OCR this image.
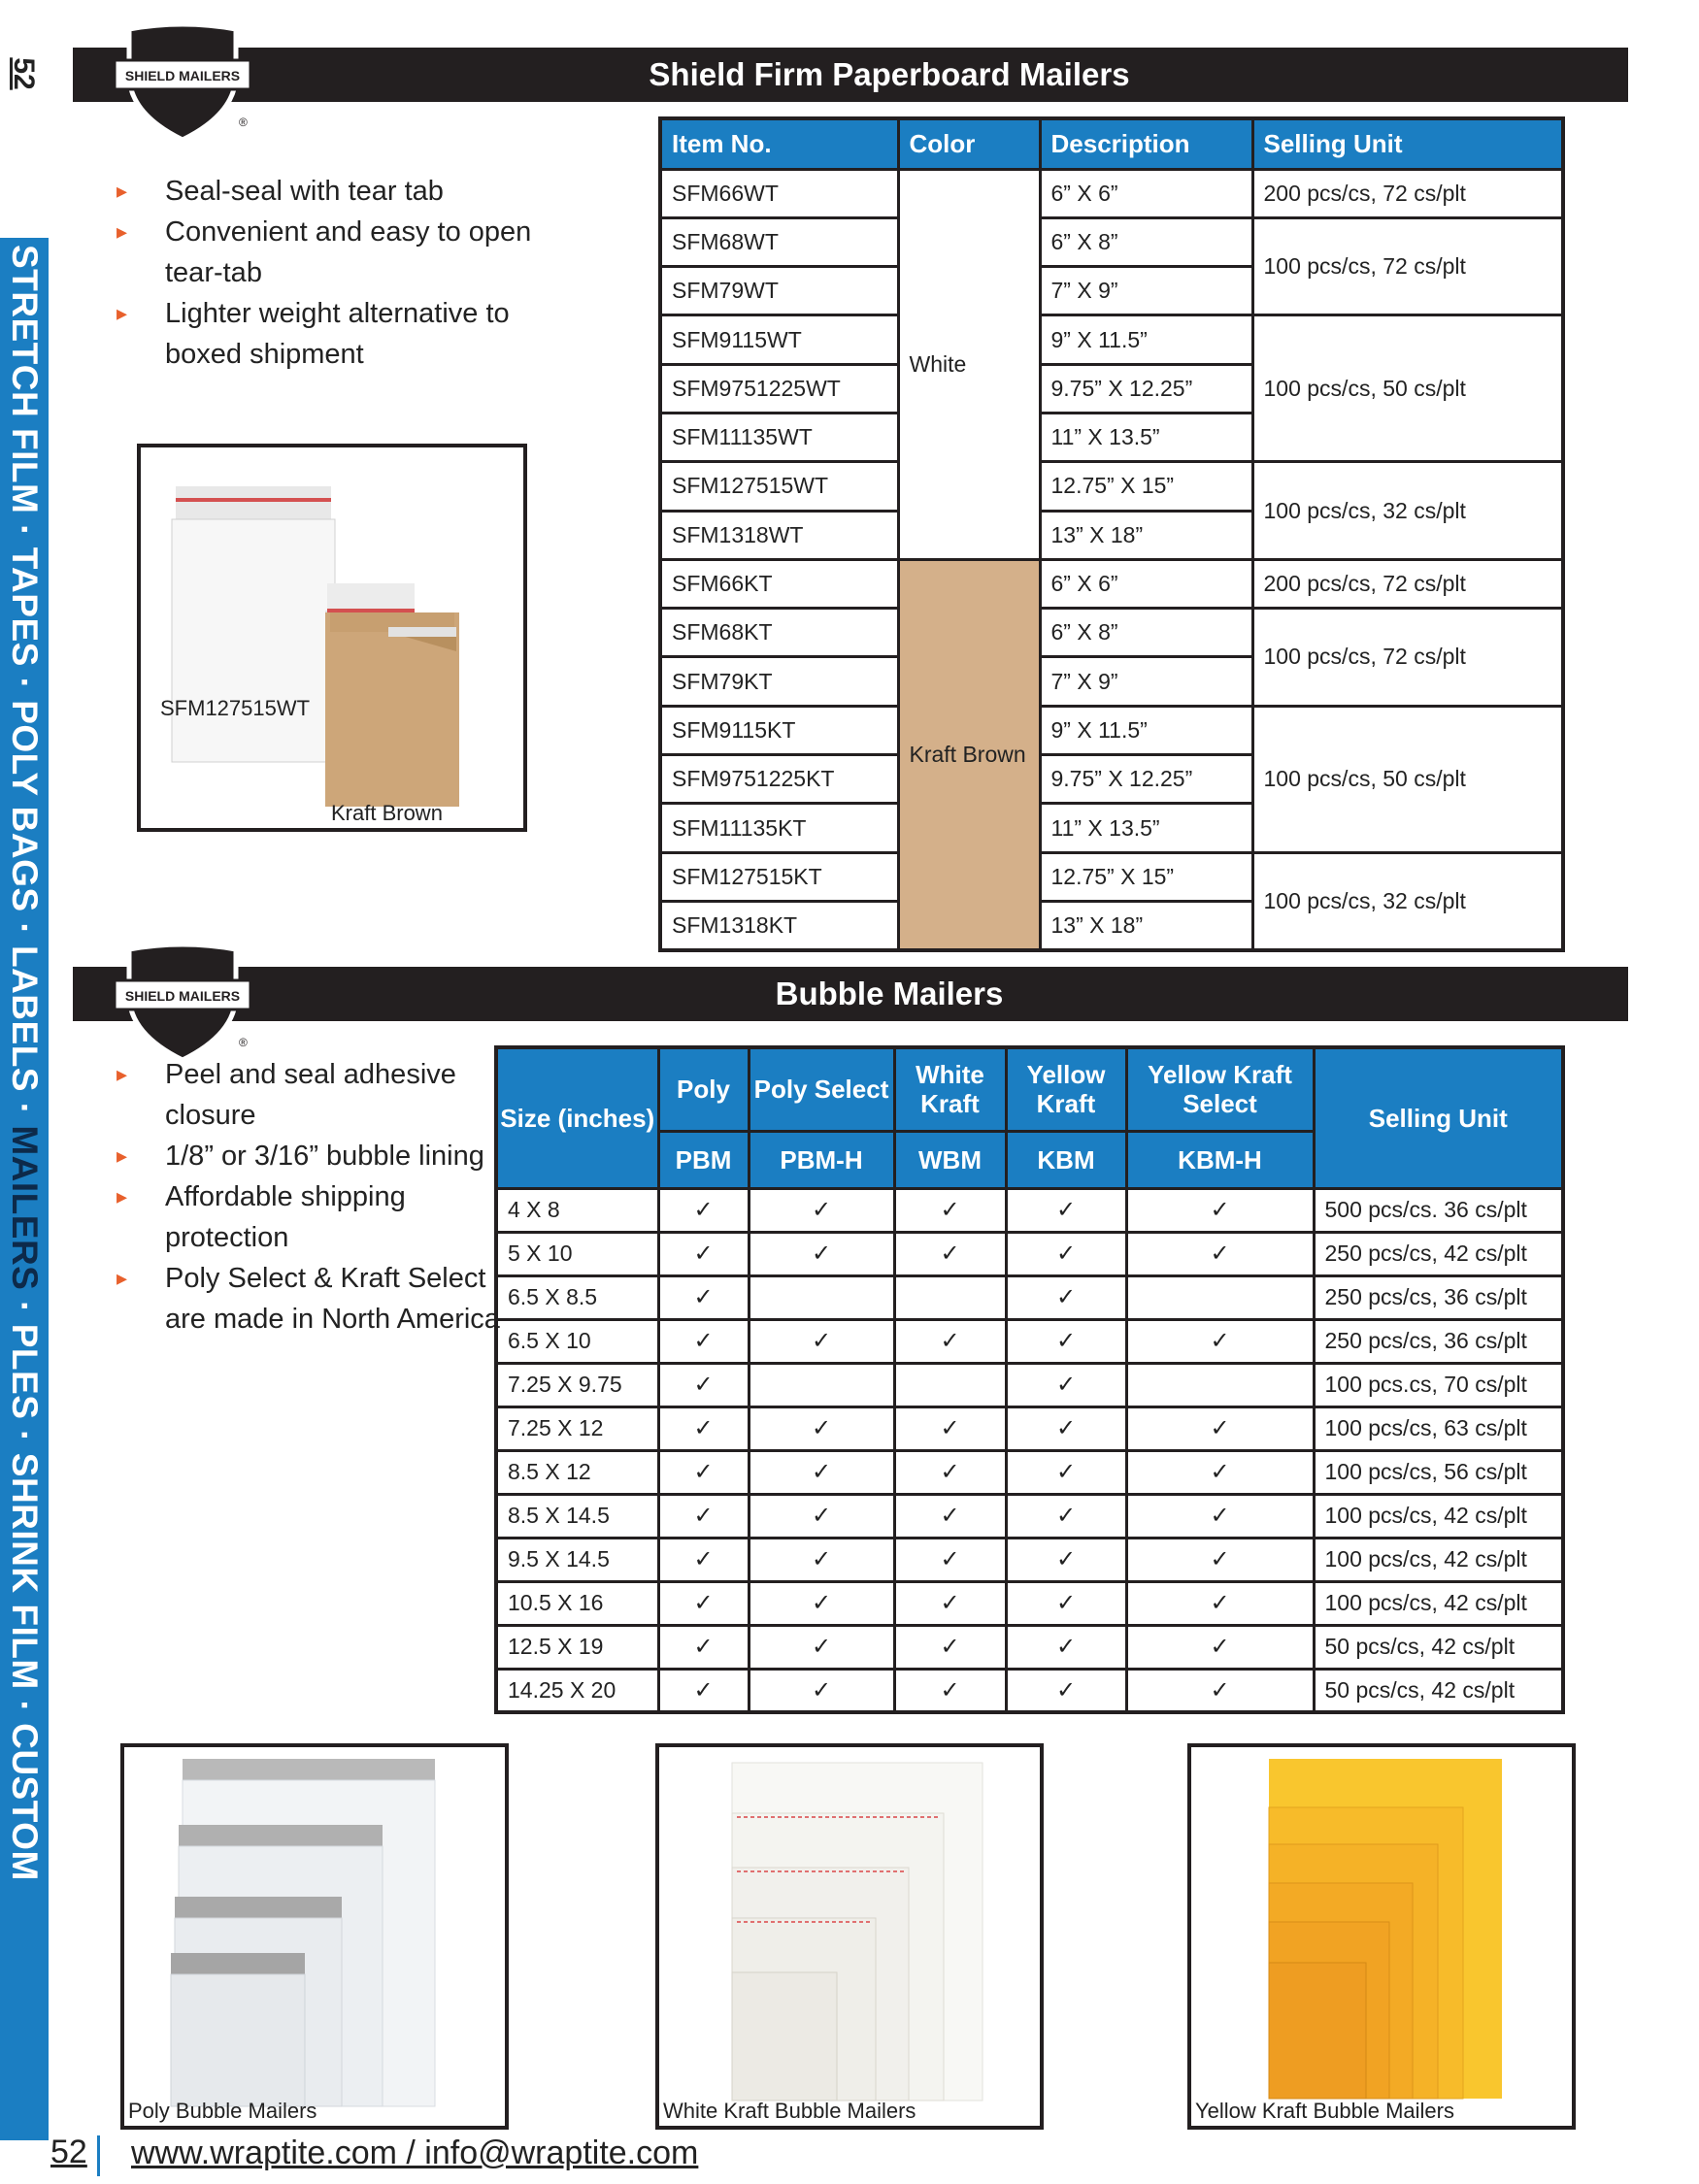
52
STRETCH FILM · TAPES · POLY BAGS · LABELS · MAILERS · PLES · SHRINK FILM · CUSTOM
Shield Firm Paperboard Mailers
SHIELD MAILERS
®
▸ Seal-seal with tear tab
▸ Convenient and easy to open tear-tab
▸ Lighter weight alternative to boxed shipment
SFM127515WT
Kraft Brown
Item No.	Color	Description	Selling Unit
SFM66WT	White	6” X 6”	200 pcs/cs, 72 cs/plt
SFM68WT		6” X 8”	100 pcs/cs, 72 cs/plt
SFM79WT		7” X 9”	
SFM9115WT		9” X 11.5”	100 pcs/cs, 50 cs/plt
SFM9751225WT		9.75” X 12.25”	
SFM11135WT		11” X 13.5”	
SFM127515WT		12.75” X 15”	100 pcs/cs, 32 cs/plt
SFM1318WT		13” X 18”	
SFM66KT	Kraft Brown	6” X 6”	200 pcs/cs, 72 cs/plt
SFM68KT		6” X 8”	100 pcs/cs, 72 cs/plt
SFM79KT		7” X 9”	
SFM9115KT		9” X 11.5”	100 pcs/cs, 50 cs/plt
SFM9751225KT		9.75” X 12.25”	
SFM11135KT		11” X 13.5”	
SFM127515KT		12.75” X 15”	100 pcs/cs, 32 cs/plt
SFM1318KT		13” X 18”	
Bubble Mailers
SHIELD MAILERS
®
▸ Peel and seal adhesive closure
▸ 1/8” or 3/16” bubble lining
▸ Affordable shipping protection
▸ Poly Select & Kraft Select are made in North America
Size (inches)	Poly	Poly Select	White Kraft	Yellow Kraft	Yellow Kraft Select	Selling Unit
	PBM	PBM-H	WBM	KBM	KBM-H	
4 X 8	✓	✓	✓	✓	✓	500 pcs/cs. 36 cs/plt
5 X 10	✓	✓	✓	✓	✓	250 pcs/cs, 42 cs/plt
6.5 X 8.5	✓			✓		250 pcs/cs, 36 cs/plt
6.5 X 10	✓	✓	✓	✓	✓	250 pcs/cs, 36 cs/plt
7.25 X 9.75	✓			✓		100 pcs.cs, 70 cs/plt
7.25 X 12	✓	✓	✓	✓	✓	100 pcs/cs, 63 cs/plt
8.5 X 12	✓	✓	✓	✓	✓	100 pcs/cs, 56 cs/plt
8.5 X 14.5	✓	✓	✓	✓	✓	100 pcs/cs, 42 cs/plt
9.5 X 14.5	✓	✓	✓	✓	✓	100 pcs/cs, 42 cs/plt
10.5 X 16	✓	✓	✓	✓	✓	100 pcs/cs, 42 cs/plt
12.5 X 19	✓	✓	✓	✓	✓	50 pcs/cs, 42 cs/plt
14.25 X 20	✓	✓	✓	✓	✓	50 pcs/cs, 42 cs/plt
Poly Bubble Mailers	White Kraft Bubble Mailers	Yellow Kraft Bubble Mailers
52 www.wraptite.com / info@wraptite.com
